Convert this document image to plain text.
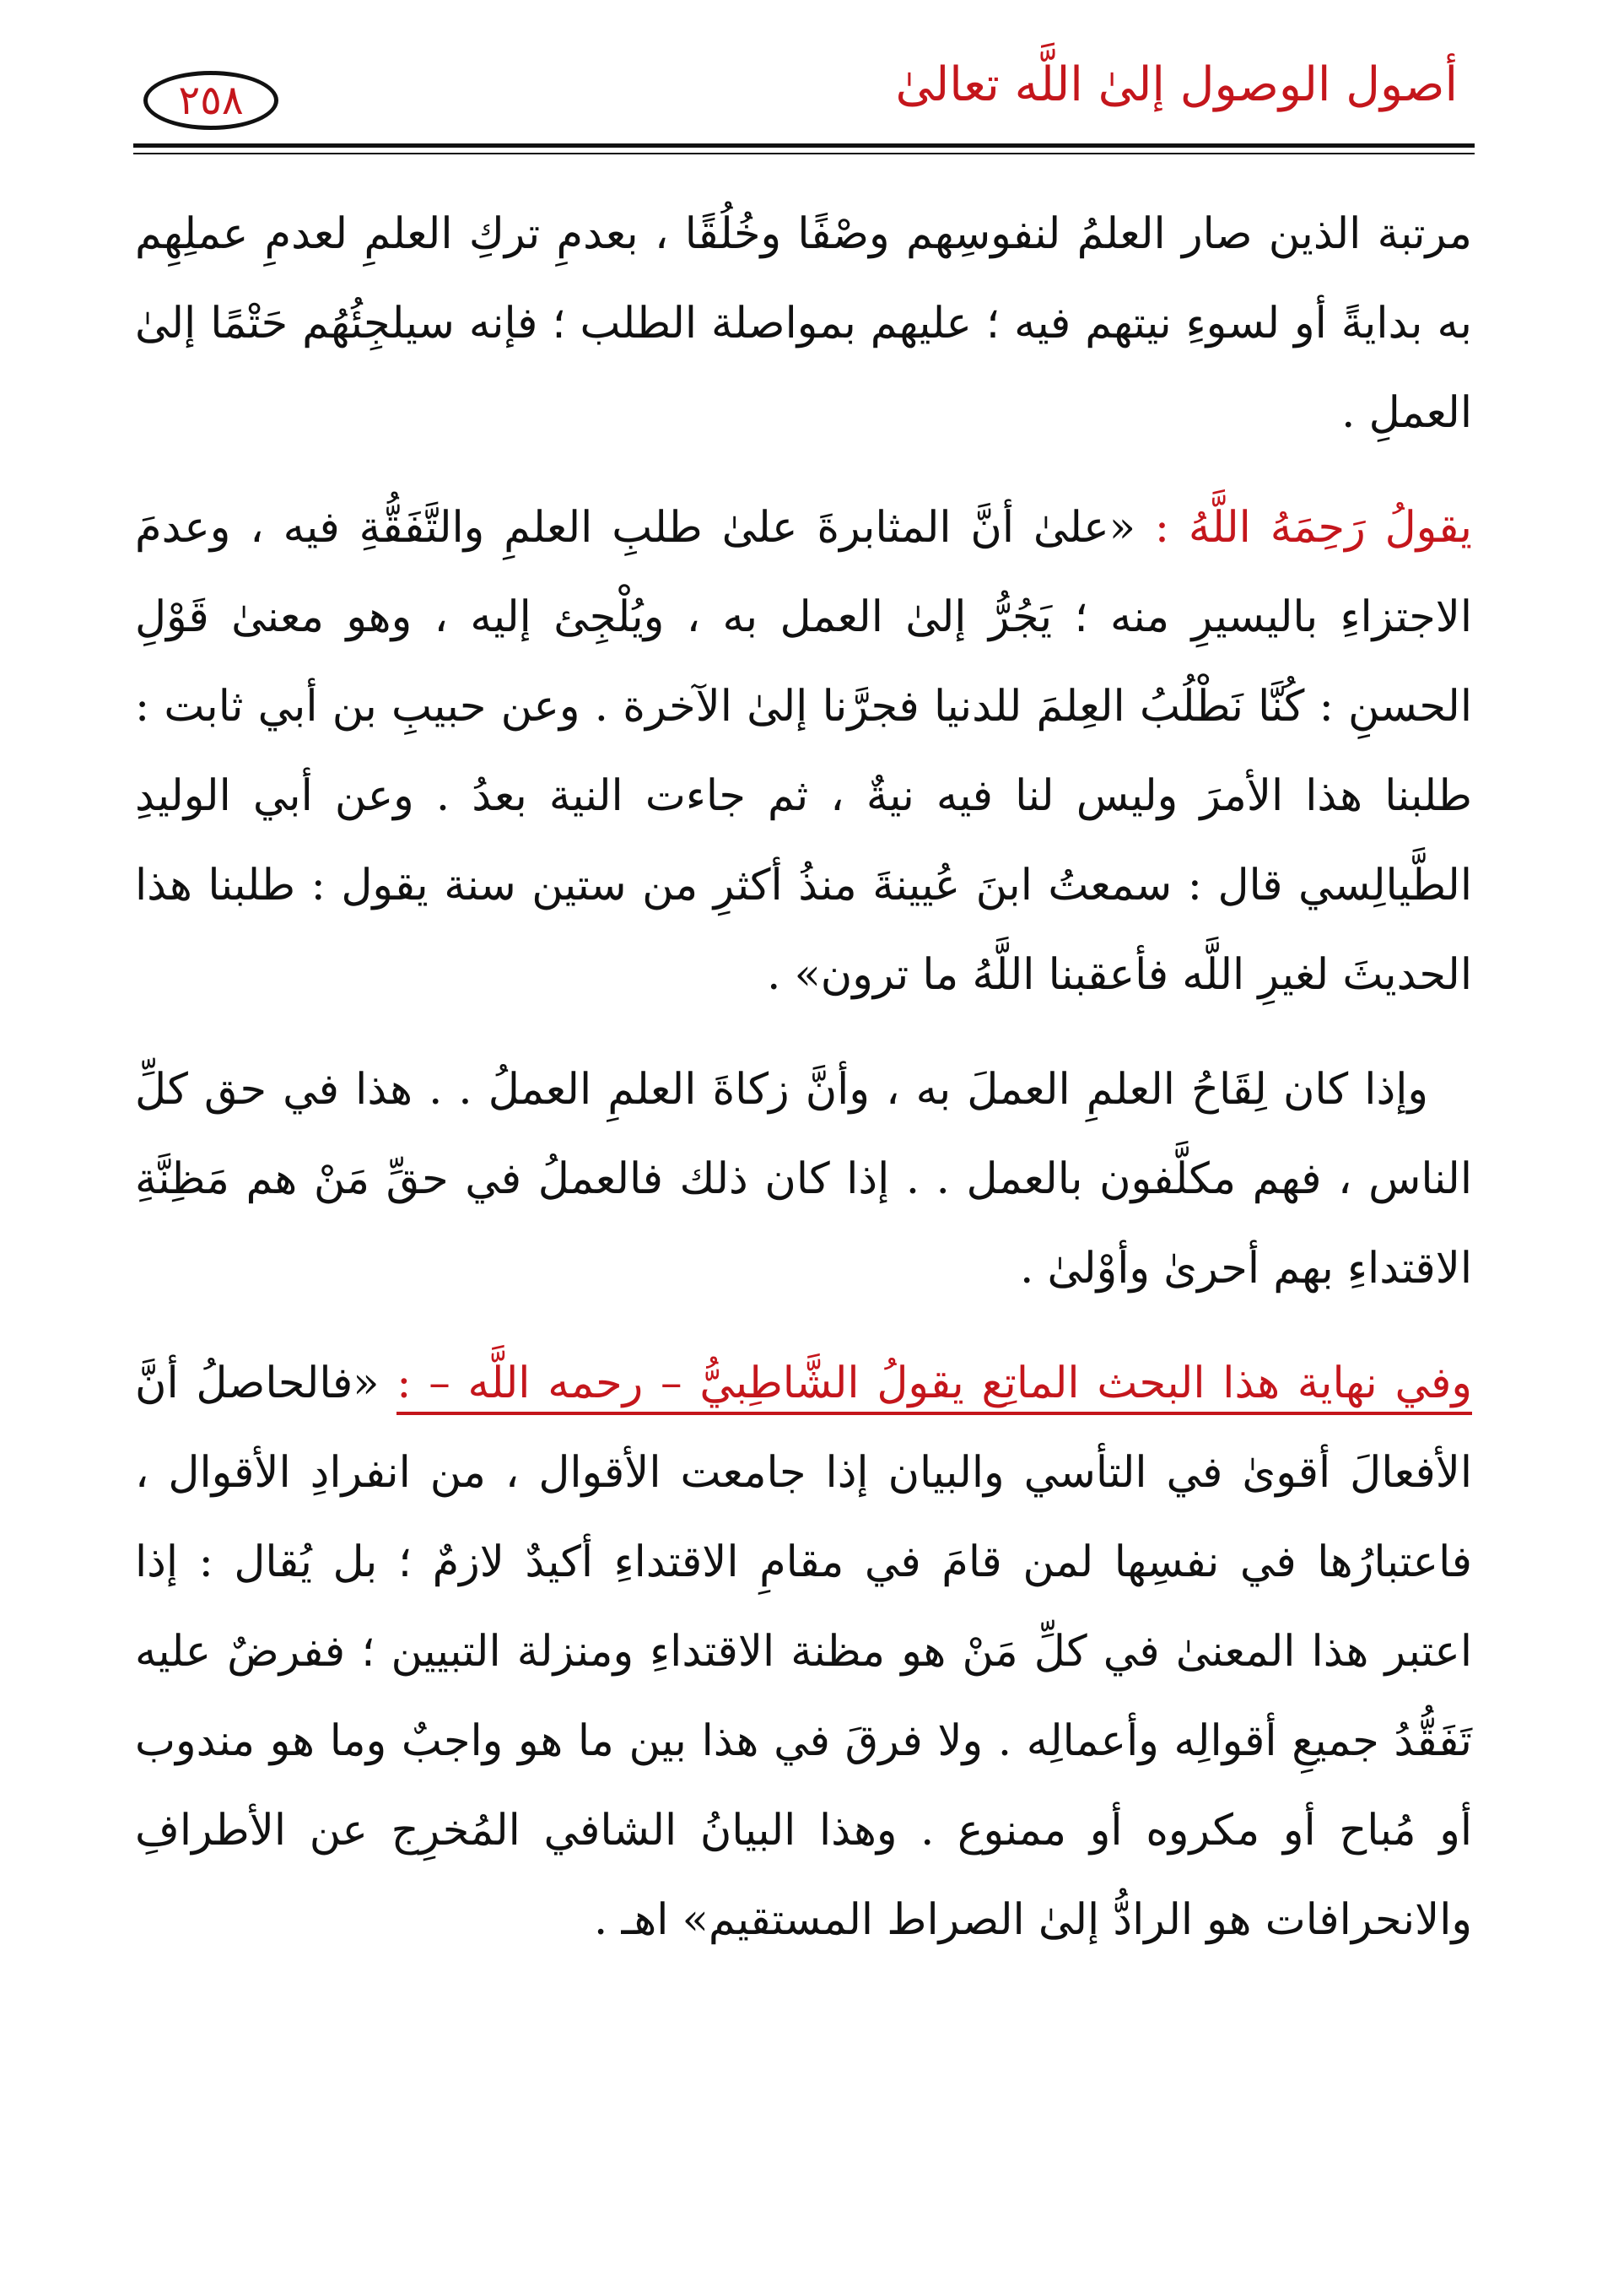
أصول الوصول إلىٰ اللَّه تعالىٰ
٢٥٨

مرتبة الذين صار العلمُ لنفوسِهم وصْفًا وخُلُقًا ، بعدمِ تركِ العلمِ لعدمِ عملِهِم به بدايةً أو لسوءِ نيتهم فيه ؛ عليهم بمواصلة الطلب ؛ فإنه سيلجِئُهُم حَتْمًا إلىٰ العملِ .

يقولُ رَحِمَهُ اللَّهُ : «علىٰ أنَّ المثابرةَ علىٰ طلبِ العلمِ والتَّفَقُّةِ فيه ، وعدمَ الاجتزاءِ باليسيرِ منه ؛ يَجُرُّ إلىٰ العمل به ، ويُلْجِئ إليه ، وهو معنىٰ قَوْلِ الحسنِ : كُنَّا نَطْلُبُ العِلمَ للدنيا فجرَّنا إلىٰ الآخرة . وعن حبيبِ بن أبي ثابت : طلبنا هذا الأمرَ وليس لنا فيه نيةٌ ، ثم جاءت النية بعدُ . وعن أبي الوليدِ الطَّيالِسي قال : سمعتُ ابنَ عُيينةَ منذُ أكثرِ من ستين سنة يقول : طلبنا هذا الحديثَ لغيرِ اللَّه فأعقبنا اللَّهُ ما ترون» .

وإذا كان لِقَاحُ العلمِ العملَ به ، وأنَّ زكاةَ العلمِ العملُ . . هذا في حق كلِّ الناس ، فهم مكلَّفون بالعمل . . إذا كان ذلك فالعملُ في حقِّ مَنْ هم مَظِنَّةِ الاقتداءِ بهم أحرىٰ وأوْلىٰ .

وفي نهاية هذا البحث الماتِع يقولُ الشَّاطِبيُّ – رحمه اللَّه – : «فالحاصلُ أنَّ الأفعالَ أقوىٰ في التأسي والبيان إذا جامعت الأقوال ، من انفرادِ الأقوال ، فاعتبارُها في نفسِها لمن قامَ في مقامِ الاقتداءِ أكيدٌ لازمٌ ؛ بل يُقال : إذا اعتبر هذا المعنىٰ في كلِّ مَنْ هو مظنة الاقتداءِ ومنزلة التبيين ؛ ففرضٌ عليه تَفَقُّدُ جميعِ أقوالِه وأعمالِه . ولا فرقَ في هذا بين ما هو واجبٌ وما هو مندوب أو مُباح أو مكروه أو ممنوع . وهذا البيانُ الشافي المُخرِج عن الأطرافِ والانحرافات هو الرادُّ إلىٰ الصراط المستقيم» اهـ .
